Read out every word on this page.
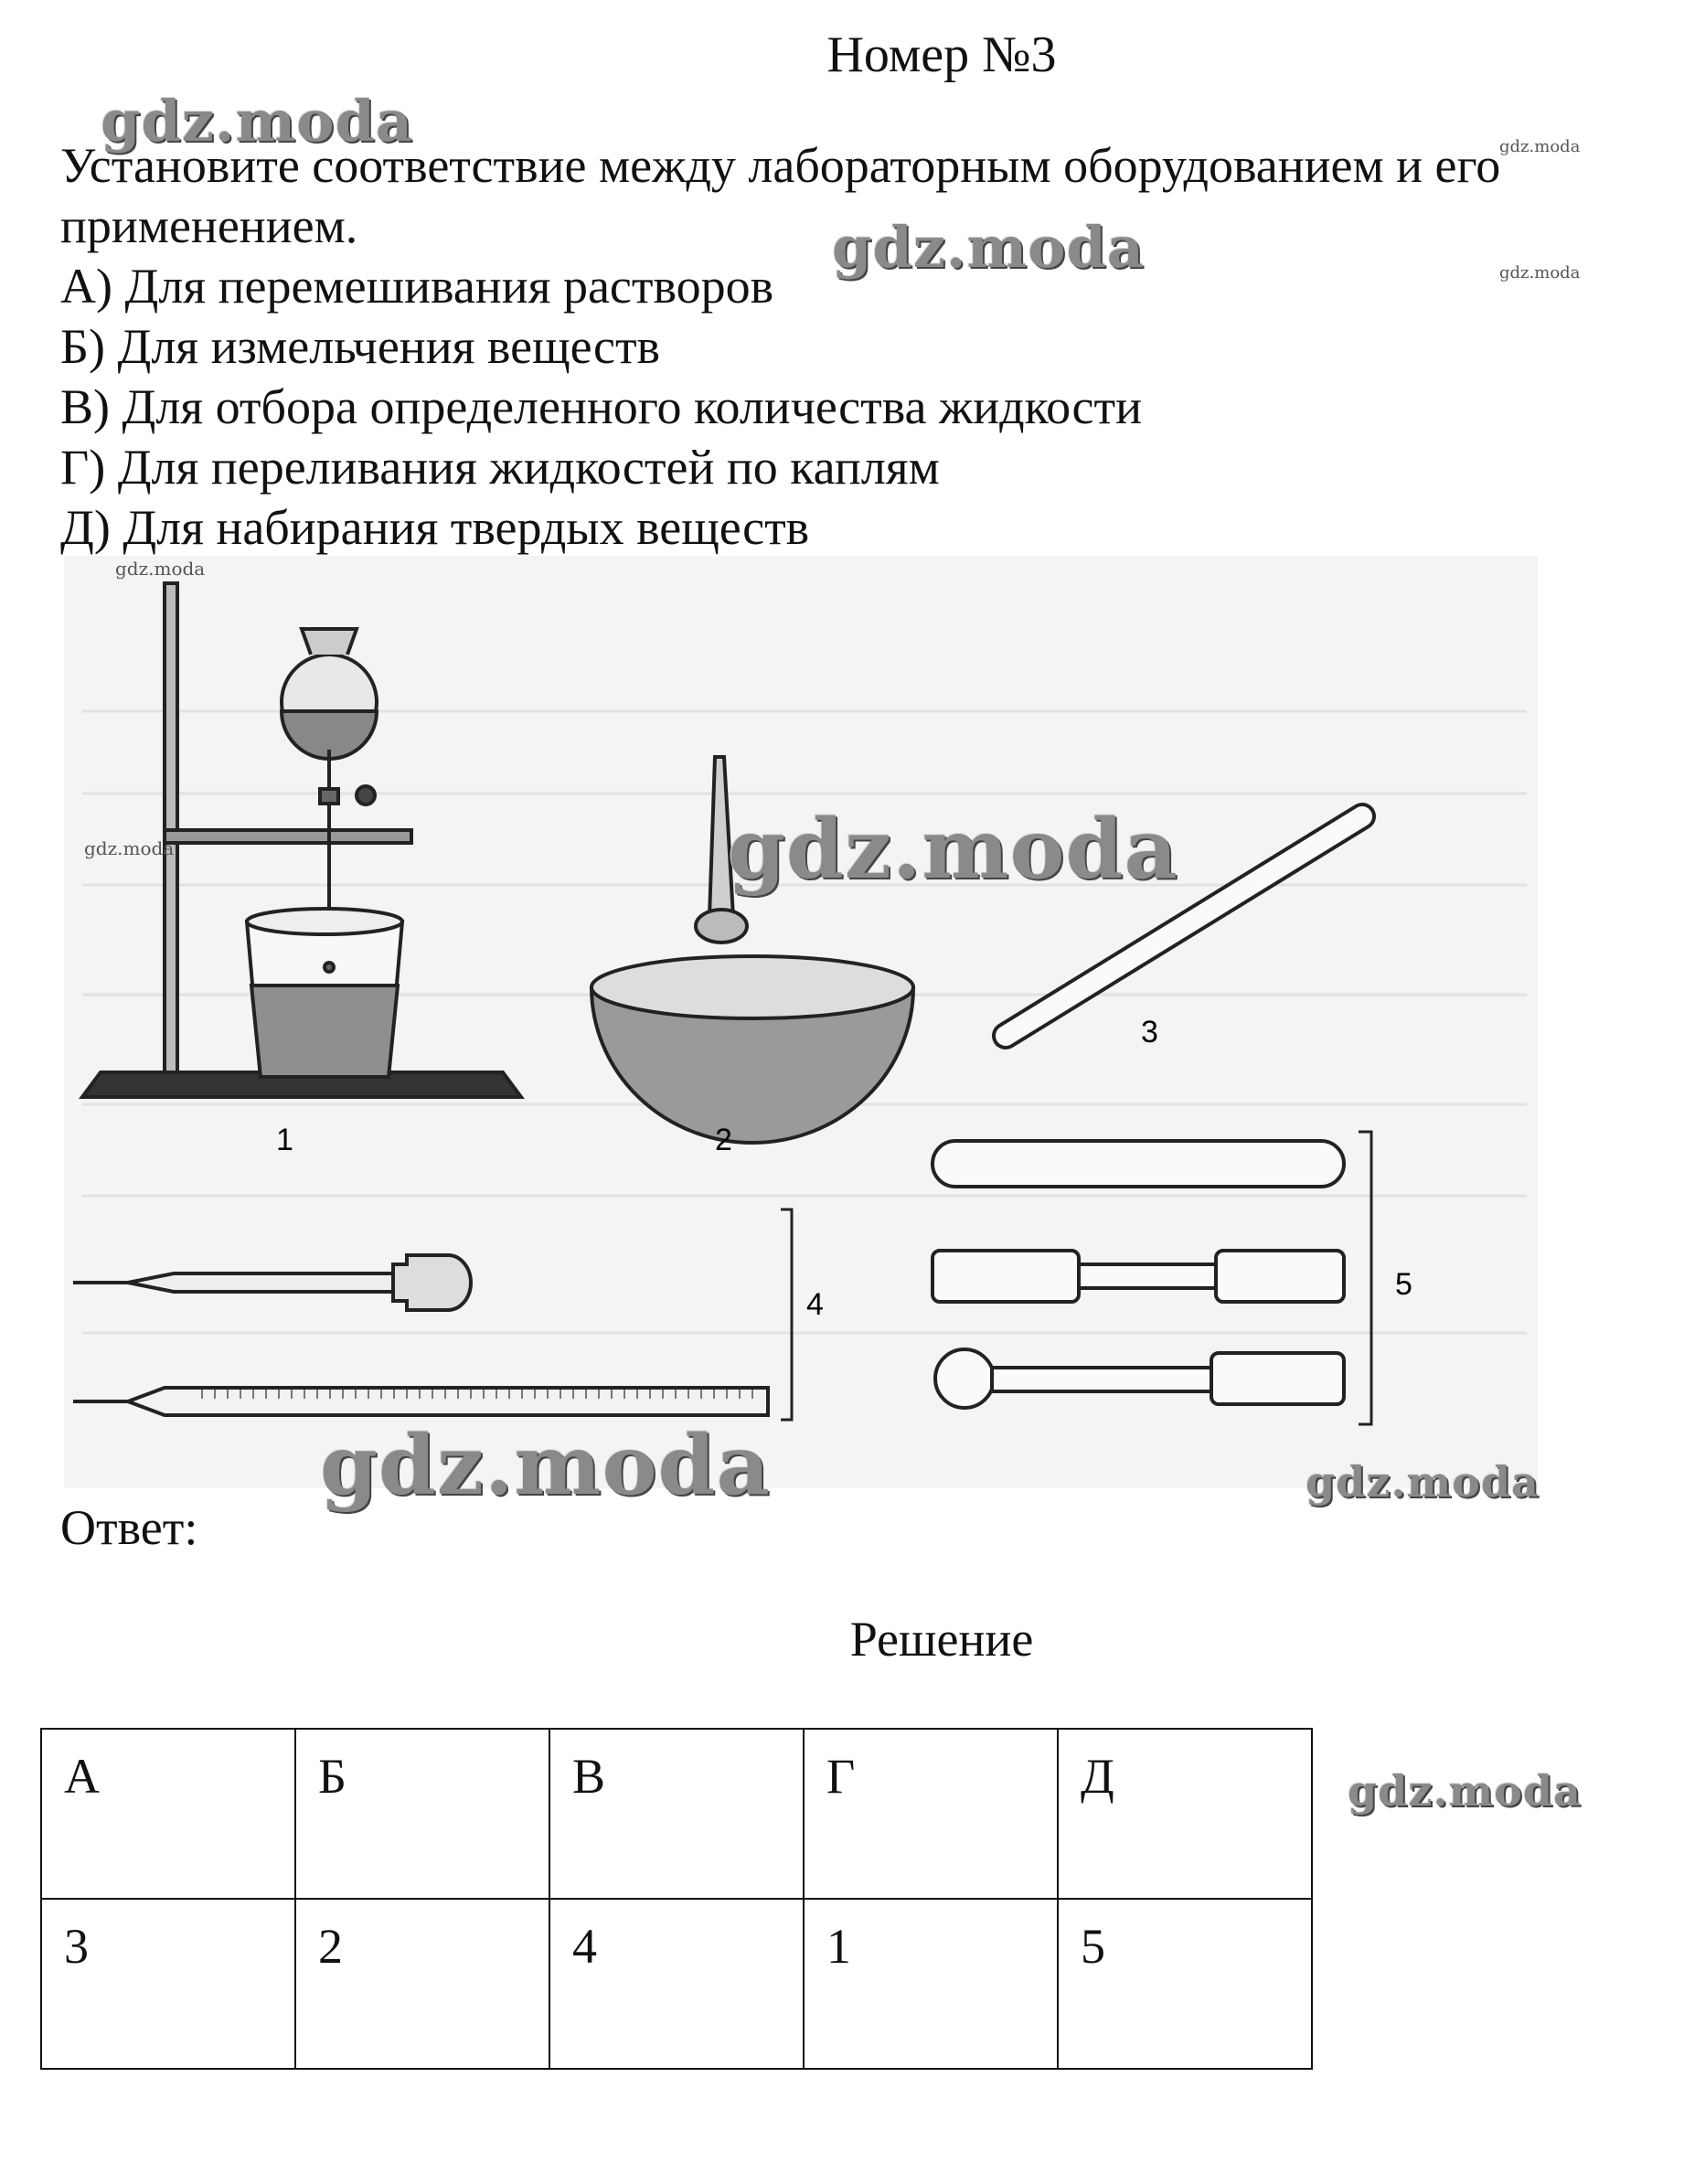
Номер №3

Установите соответствие между лабораторным оборудованием и его

применением.

А) Для перемешивания растворов
Б) Для измельчения веществ
В) Для отбора определенного количества жидкости
Г) Для переливания жидкостей по каплям
Д) Для набирания твердых веществ
1	2
3
4
5
Ответ:
Решение
А	Б	В	Г	Д
3	2	4	1	5
gdz.moda
gdz.moda
gdz.moda
gdz.moda	gdz.moda
gdz.moda
gdz.moda
gdz.moda
gdz.moda
gdz.moda
